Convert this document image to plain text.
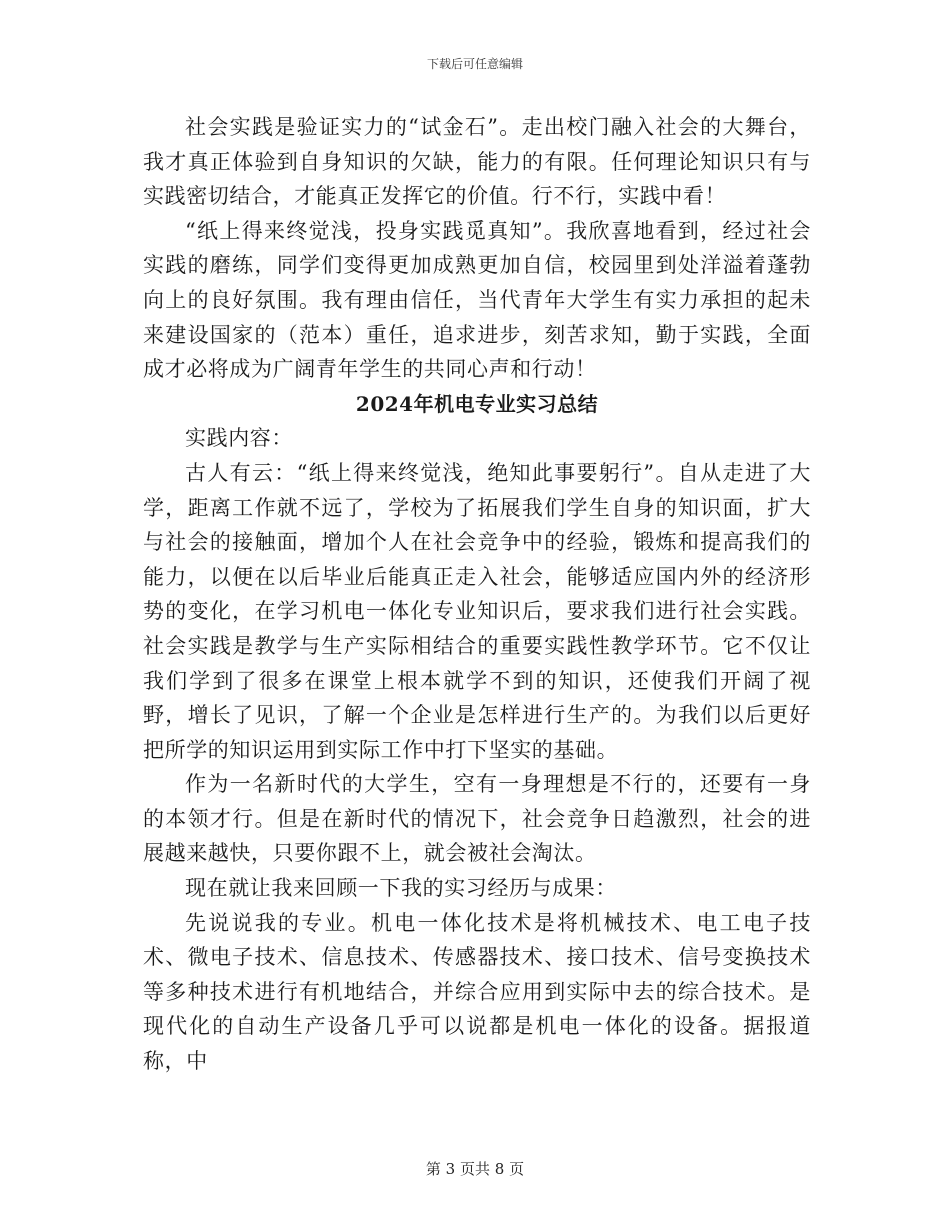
下载后可任意编辑

社会实践是验证实力的“试金石”。走出校门融入社会的大舞台，我才真正体验到自身知识的欠缺，能力的有限。任何理论知识只有与实践密切结合，才能真正发挥它的价值。行不行，实践中看！

“纸上得来终觉浅，投身实践觅真知”。我欣喜地看到，经过社会实践的磨练，同学们变得更加成熟更加自信，校园里到处洋溢着蓬勃向上的良好氛围。我有理由信任，当代青年大学生有实力承担的起未来建设国家的（范本）重任，追求进步，刻苦求知，勤于实践，全面成才必将成为广阔青年学生的共同心声和行动！

2024年机电专业实习总结

实践内容：

古人有云：“纸上得来终觉浅，绝知此事要躬行”。自从走进了大学，距离工作就不远了，学校为了拓展我们学生自身的知识面，扩大与社会的接触面，增加个人在社会竞争中的经验，锻炼和提高我们的能力，以便在以后毕业后能真正走入社会，能够适应国内外的经济形势的变化，在学习机电一体化专业知识后，要求我们进行社会实践。社会实践是教学与生产实际相结合的重要实践性教学环节。它不仅让我们学到了很多在课堂上根本就学不到的知识，还使我们开阔了视野，增长了见识，了解一个企业是怎样进行生产的。为我们以后更好把所学的知识运用到实际工作中打下坚实的基础。

作为一名新时代的大学生，空有一身理想是不行的，还要有一身的本领才行。但是在新时代的情况下，社会竞争日趋激烈，社会的进展越来越快，只要你跟不上，就会被社会淘汰。

现在就让我来回顾一下我的实习经历与成果：

先说说我的专业。机电一体化技术是将机械技术、电工电子技术、微电子技术、信息技术、传感器技术、接口技术、信号变换技术等多种技术进行有机地结合，并综合应用到实际中去的综合技术。是现代化的自动生产设备几乎可以说都是机电一体化的设备。据报道称，中

第 3 页共 8 页
